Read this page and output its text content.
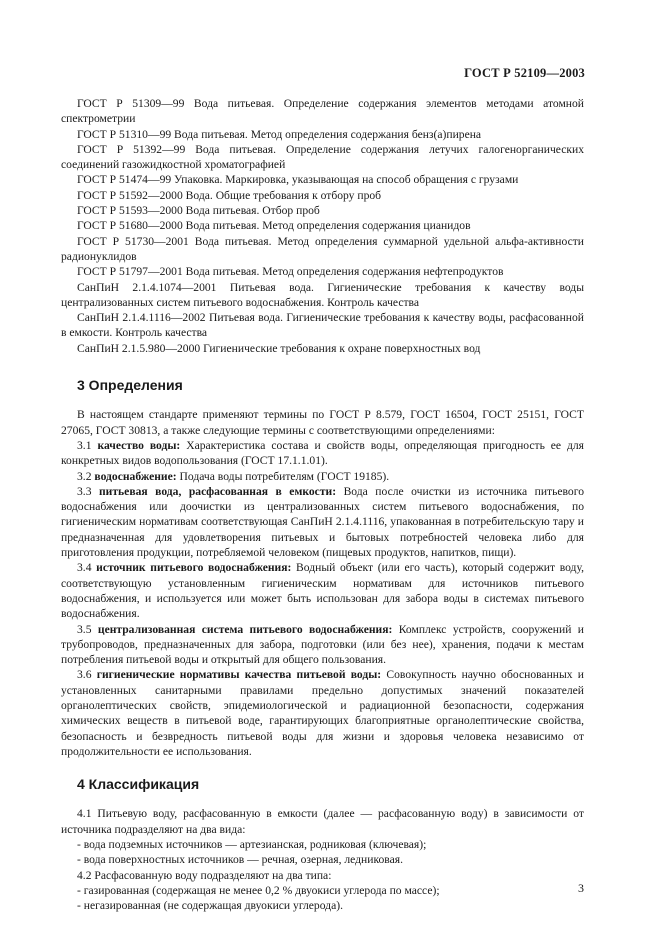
ГОСТ Р 52109—2003

ГОСТ Р 51309—99 Вода питьевая. Определение содержания элементов методами атомной спектрометрии

ГОСТ Р 51310—99 Вода питьевая. Метод определения содержания бенз(а)пирена

ГОСТ Р 51392—99 Вода питьевая. Определение содержания летучих галогенорганических соединений газожидкостной хроматографией

ГОСТ Р 51474—99 Упаковка. Маркировка, указывающая на способ обращения с грузами

ГОСТ Р 51592—2000 Вода. Общие требования к отбору проб

ГОСТ Р 51593—2000 Вода питьевая. Отбор проб

ГОСТ Р 51680—2000 Вода питьевая. Метод определения содержания цианидов

ГОСТ Р 51730—2001 Вода питьевая. Метод определения суммарной удельной альфа-активности радионуклидов

ГОСТ Р 51797—2001 Вода питьевая. Метод определения содержания нефтепродуктов

СанПиН 2.1.4.1074—2001 Питьевая вода. Гигиенические требования к качеству воды централизованных систем питьевого водоснабжения. Контроль качества

СанПиН 2.1.4.1116—2002 Питьевая вода. Гигиенические требования к качеству воды, расфасованной в емкости. Контроль качества

СанПиН 2.1.5.980—2000 Гигиенические требования к охране поверхностных вод

3 Определения

В настоящем стандарте применяют термины по ГОСТ Р 8.579, ГОСТ 16504, ГОСТ 25151, ГОСТ 27065, ГОСТ 30813, а также следующие термины с соответствующими определениями:

3.1 качество воды: Характеристика состава и свойств воды, определяющая пригодность ее для конкретных видов водопользования (ГОСТ 17.1.1.01).

3.2 водоснабжение: Подача воды потребителям (ГОСТ 19185).

3.3 питьевая вода, расфасованная в емкости: Вода после очистки из источника питьевого водоснабжения или доочистки из централизованных систем питьевого водоснабжения, по гигиеническим нормативам соответствующая СанПиН 2.1.4.1116, упакованная в потребительскую тару и предназначенная для удовлетворения питьевых и бытовых потребностей человека либо для приготовления продукции, потребляемой человеком (пищевых продуктов, напитков, пищи).

3.4 источник питьевого водоснабжения: Водный объект (или его часть), который содержит воду, соответствующую установленным гигиеническим нормативам для источников питьевого водоснабжения, и используется или может быть использован для забора воды в системах питьевого водоснабжения.

3.5 централизованная система питьевого водоснабжения: Комплекс устройств, сооружений и трубопроводов, предназначенных для забора, подготовки (или без нее), хранения, подачи к местам потребления питьевой воды и открытый для общего пользования.

3.6 гигиенические нормативы качества питьевой воды: Совокупность научно обоснованных и установленных санитарными правилами предельно допустимых значений показателей органолептических свойств, эпидемиологической и радиационной безопасности, содержания химических веществ в питьевой воде, гарантирующих благоприятные органолептические свойства, безопасность и безвредность питьевой воды для жизни и здоровья человека независимо от продолжительности ее использования.

4 Классификация

4.1 Питьевую воду, расфасованную в емкости (далее — расфасованную воду) в зависимости от источника подразделяют на два вида:

- вода подземных источников — артезианская, родниковая (ключевая);

- вода поверхностных источников — речная, озерная, ледниковая.

4.2 Расфасованную воду подразделяют на два типа:

- газированная (содержащая не менее 0,2 % двуокиси углерода по массе);

- негазированная (не содержащая двуокиси углерода).

3
